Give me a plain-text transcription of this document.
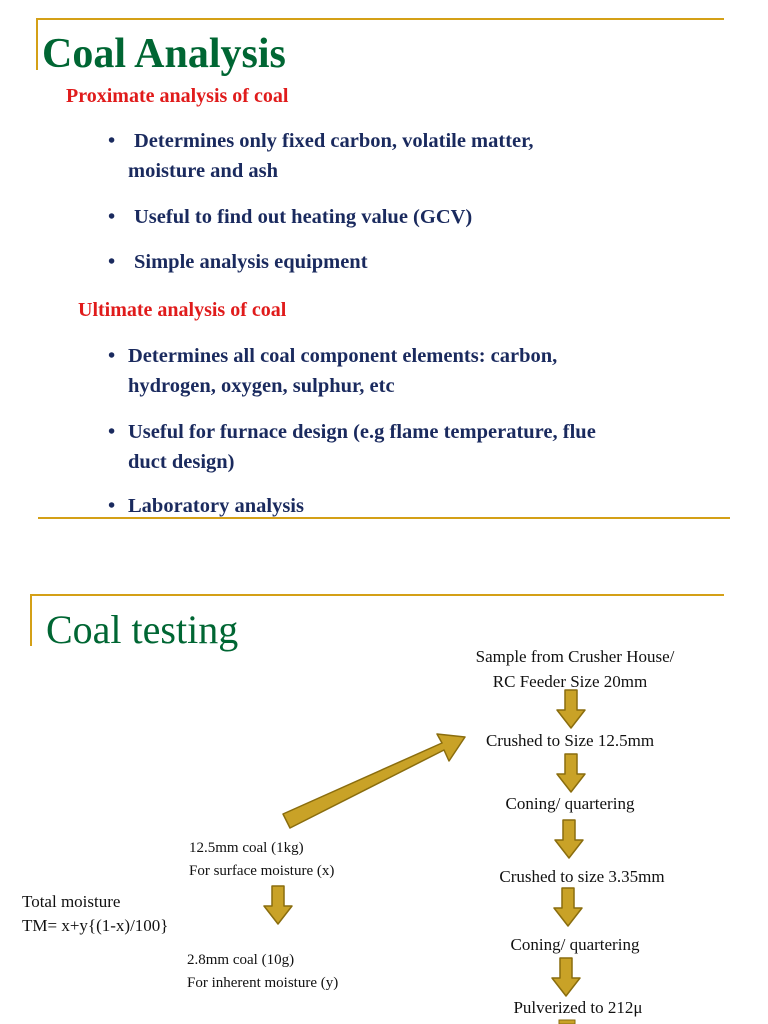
Coal Analysis
Proximate analysis of coal
• Determines only fixed carbon, volatile matter,
moisture and ash
• Useful to find out heating value (GCV)
• Simple analysis equipment
Ultimate analysis of coal
• Determines all coal component elements: carbon,
hydrogen, oxygen, sulphur, etc
• Useful for furnace design (e.g flame temperature, flue
duct design)
• Laboratory analysis
Coal testing
Sample from Crusher House/
RC Feeder Size 20mm
Crushed to Size 12.5mm
Coning/ quartering
Crushed to size 3.35mm
Coning/ quartering
Pulverized to 212μ
12.5mm coal (1kg)
For surface moisture (x)
2.8mm coal (10g)
For inherent moisture (y)
Total moisture
TM= x+y{(1-x)/100}
